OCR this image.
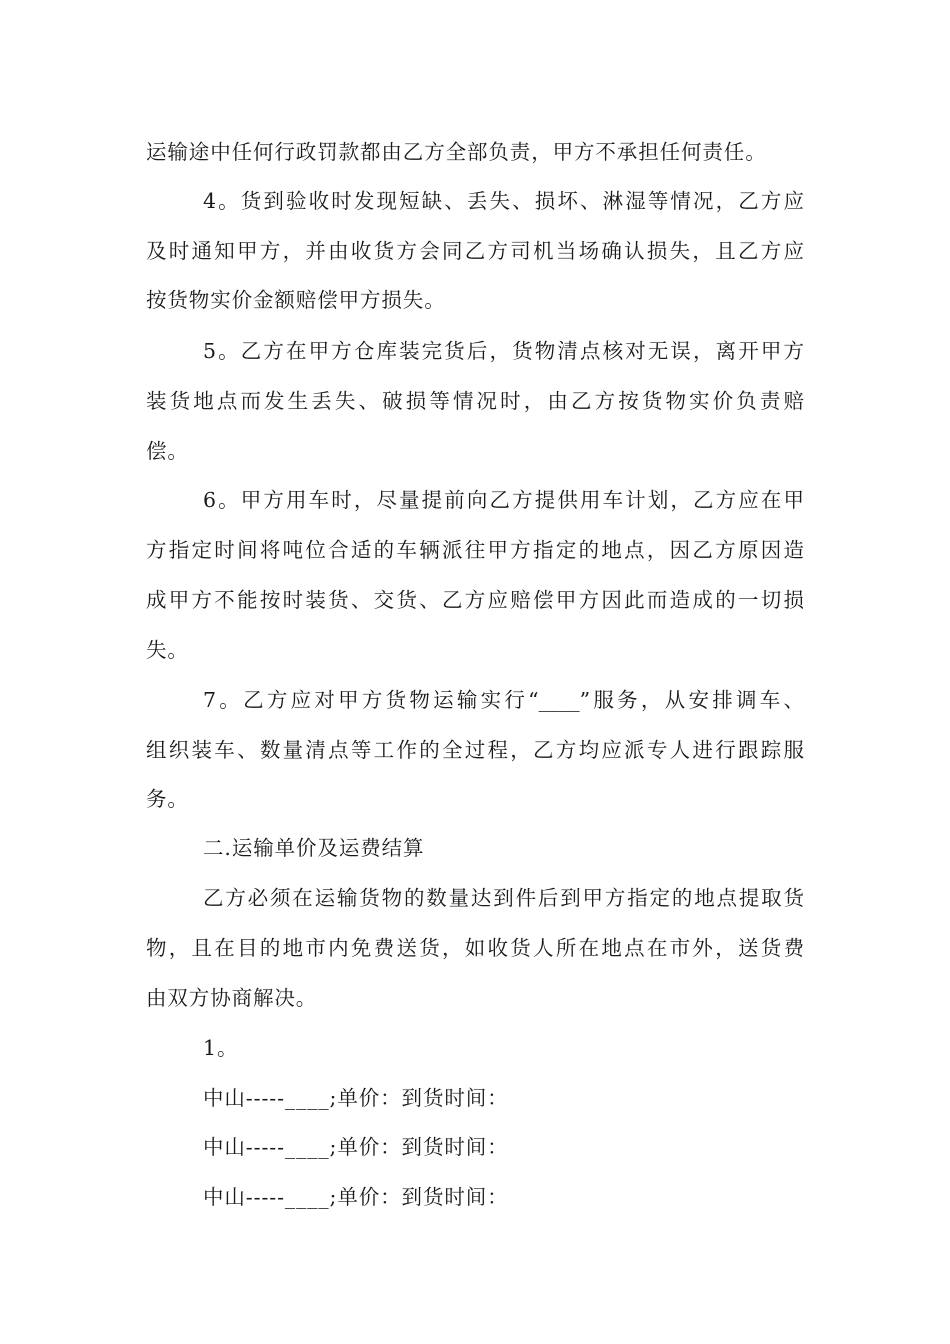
运输途中任何行政罚款都由乙方全部负责，甲方不承担任何责任。
4。货到验收时发现短缺、丢失、损坏、淋湿等情况，乙方应
及时通知甲方，并由收货方会同乙方司机当场确认损失，且乙方应
按货物实价金额赔偿甲方损失。
5。乙方在甲方仓库装完货后，货物清点核对无误，离开甲方
装货地点而发生丢失、破损等情况时，由乙方按货物实价负责赔
偿。
6。甲方用车时，尽量提前向乙方提供用车计划，乙方应在甲
方指定时间将吨位合适的车辆派往甲方指定的地点，因乙方原因造
成甲方不能按时装货、交货、乙方应赔偿甲方因此而造成的一切损
失。
7。乙方应对甲方货物运输实行“____”服务，从安排调车、
组织装车、数量清点等工作的全过程，乙方均应派专人进行跟踪服
务。
二.运输单价及运费结算
乙方必须在运输货物的数量达到件后到甲方指定的地点提取货
物，且在目的地市内免费送货，如收货人所在地点在市外，送货费
由双方协商解决。
1。
中山-----____;单价：到货时间：
中山-----____;单价：到货时间：
中山-----____;单价：到货时间：
